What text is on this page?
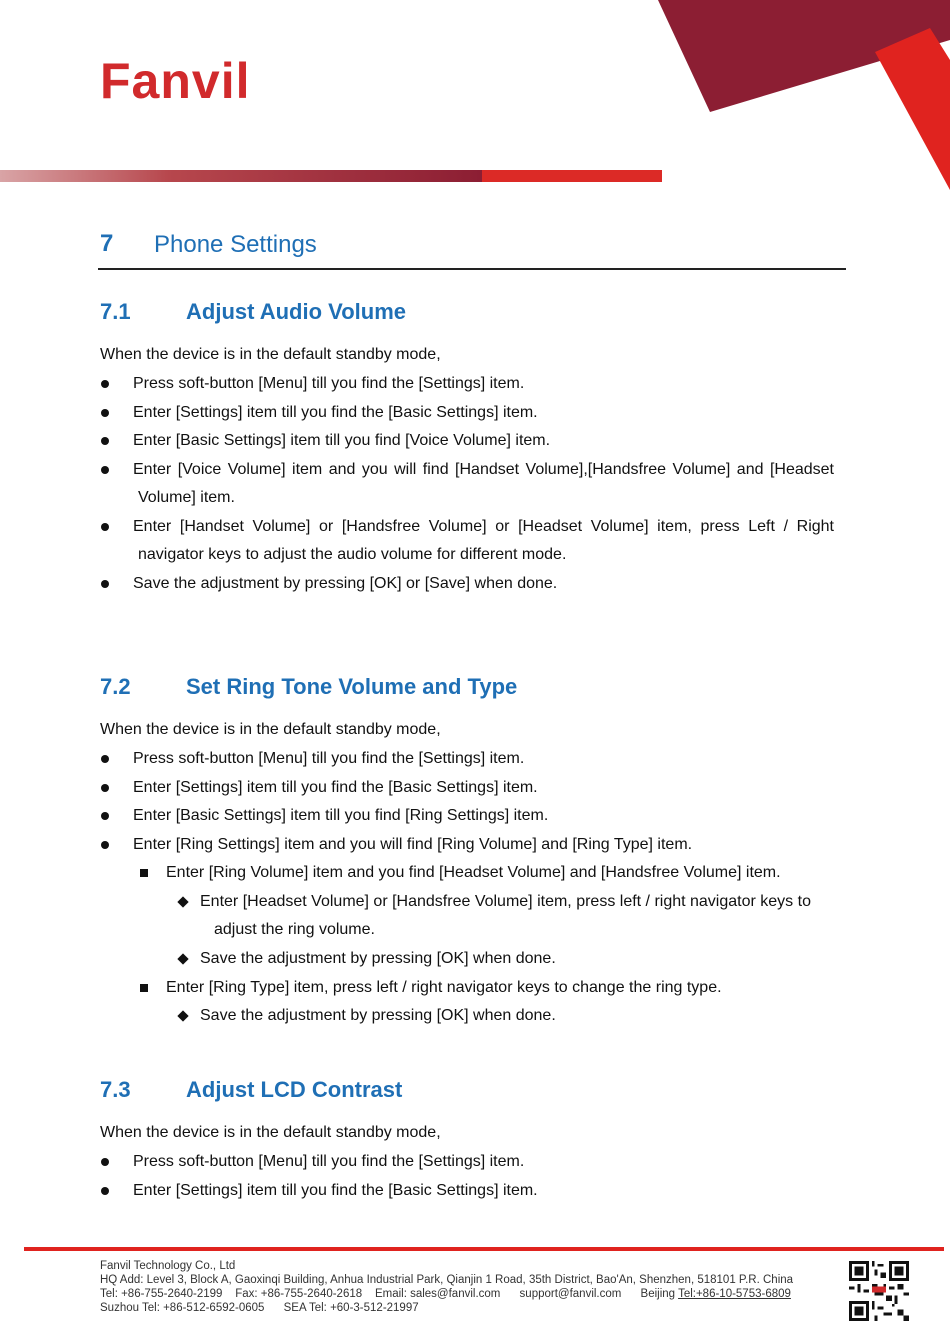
Fanvil
7 Phone Settings
7.1	Adjust Audio Volume
When the device is in the default standby mode,
Press soft-button [Menu] till you find the [Settings] item.
Enter [Settings] item till you find the [Basic Settings] item.
Enter [Basic Settings] item till you find [Voice Volume] item.
Enter [Voice Volume] item and you will find [Handset Volume],[Handsfree Volume] and [Headset
Volume] item.
Enter [Handset Volume] or [Handsfree Volume] or [Headset Volume] item, press Left / Right
navigator keys to adjust the audio volume for different mode.
Save the adjustment by pressing [OK] or [Save] when done.
7.2	Set Ring Tone Volume and Type
When the device is in the default standby mode,
Press soft-button [Menu] till you find the [Settings] item.
Enter [Settings] item till you find the [Basic Settings] item.
Enter [Basic Settings] item till you find [Ring Settings] item.
Enter [Ring Settings] item and you will find [Ring Volume] and [Ring Type] item.
Enter [Ring Volume] item and you find [Headset Volume] and [Handsfree Volume] item.
Enter [Headset Volume] or [Handsfree Volume] item, press left / right navigator keys to
adjust the ring volume.
Save the adjustment by pressing [OK] when done.
Enter [Ring Type] item, press left / right navigator keys to change the ring type.
Save the adjustment by pressing [OK] when done.
7.3	Adjust LCD Contrast
When the device is in the default standby mode,
Press soft-button [Menu] till you find the [Settings] item.
Enter [Settings] item till you find the [Basic Settings] item.
Fanvil Technology Co., Ltd
HQ Add: Level 3, Block A, Gaoxinqi Building, Anhua Industrial Park, Qianjin 1 Road, 35th District, Bao'An, Shenzhen, 518101 P.R. China
Tel: +86-755-2640-2199 Fax: +86-755-2640-2618 Email: sales@fanvil.com support@fanvil.com Beijing Tel:+86-10-5753-6809
Suzhou Tel: +86-512-6592-0605 SEA Tel: +60-3-512-21997
